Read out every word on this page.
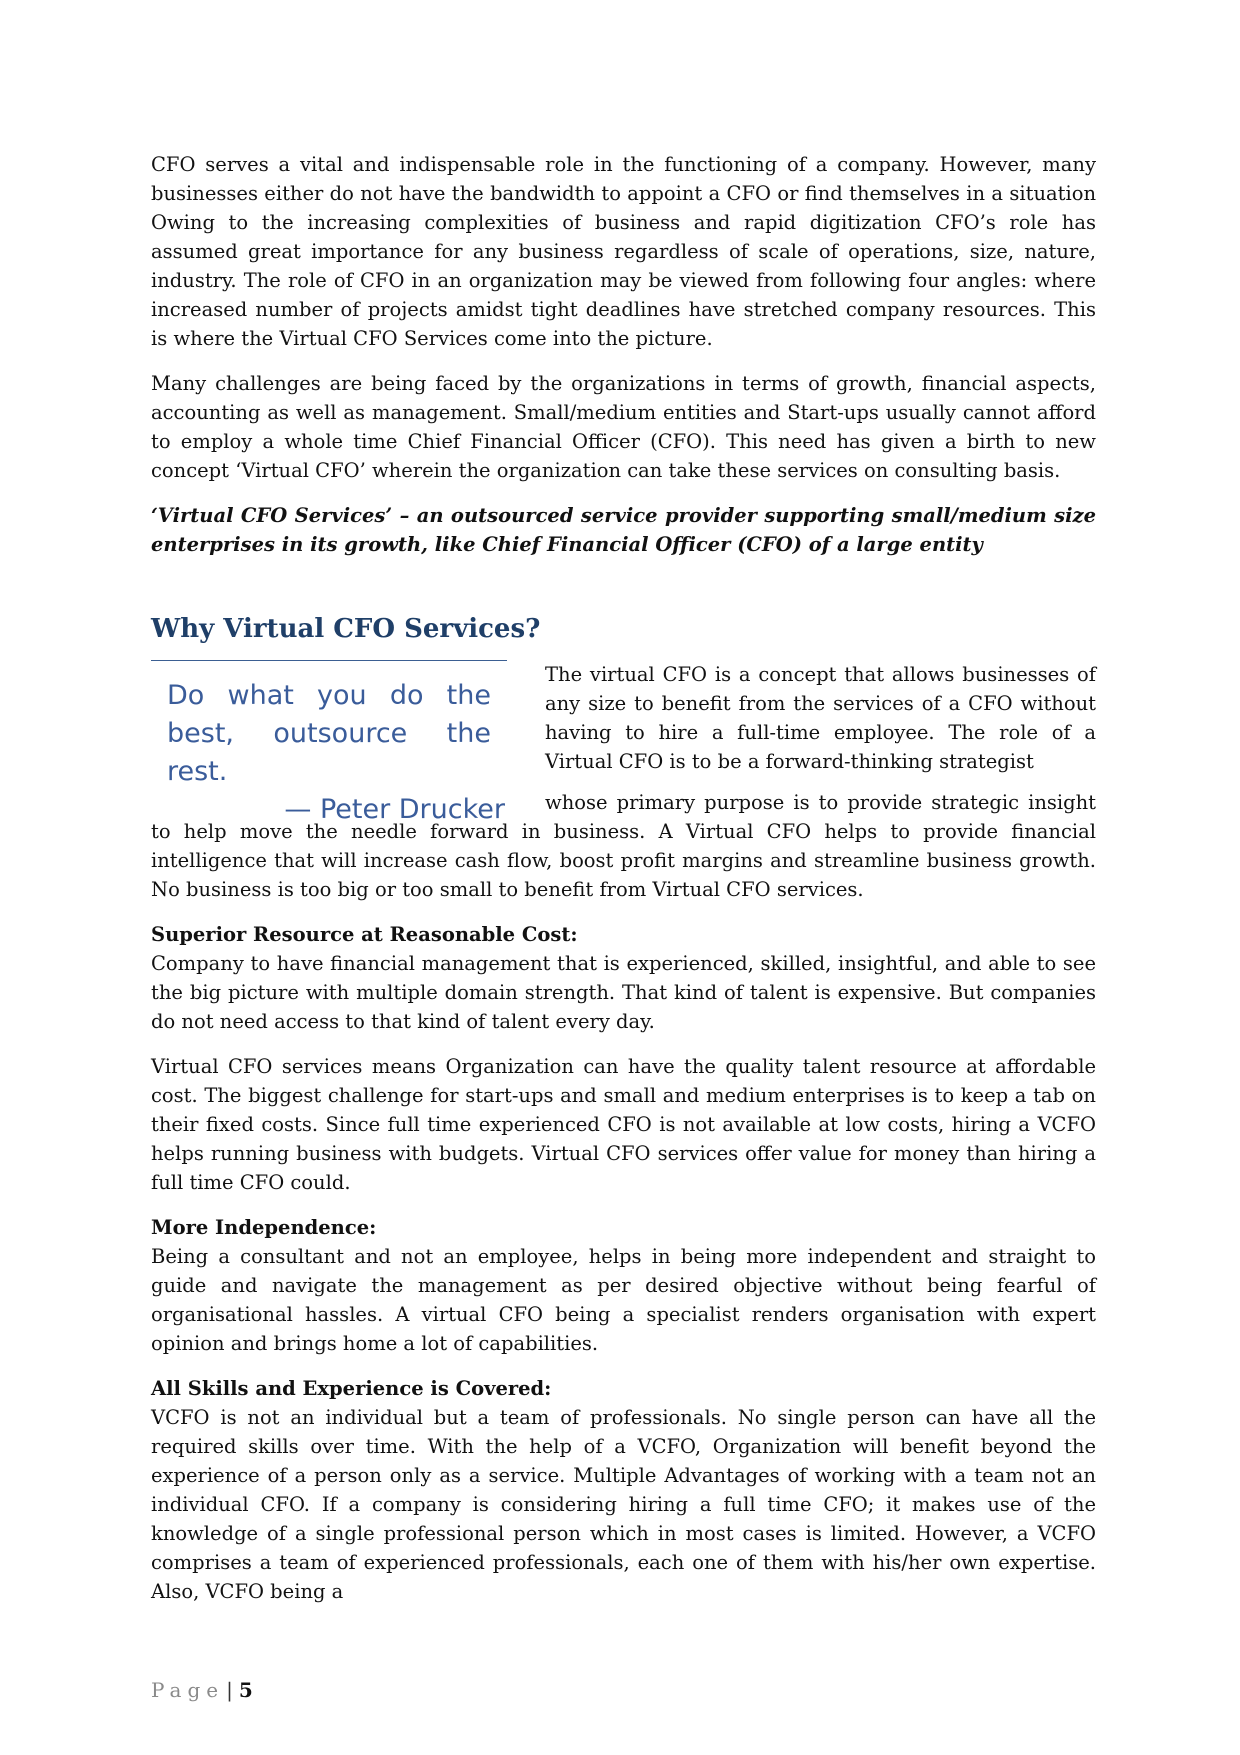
CFO serves a vital and indispensable role in the functioning of a company. However, many businesses either do not have the bandwidth to appoint a CFO or find themselves in a situation Owing to the increasing complexities of business and rapid digitization CFO’s role has assumed great importance for any business regardless of scale of operations, size, nature, industry. The role of CFO in an organization may be viewed from following four angles: where increased number of projects amidst tight deadlines have stretched company resources. This is where the Virtual CFO Services come into the picture.

Many challenges are being faced by the organizations in terms of growth, financial aspects, accounting as well as management. Small/medium entities and Start-ups usually cannot afford to employ a whole time Chief Financial Officer (CFO). This need has given a birth to new concept ‘Virtual CFO’ wherein the organization can take these services on consulting basis.

‘Virtual CFO Services’ – an outsourced service provider supporting small/medium size enterprises in its growth, like Chief Financial Officer (CFO) of a large entity

Why Virtual CFO Services?
Do what you do the best, outsource the rest.
— Peter Drucker

The virtual CFO is a concept that allows businesses of any size to benefit from the services of a CFO without having to hire a full-time employee. The role of a Virtual CFO is to be a forward-thinking strategist

whose primary purpose is to provide strategic insight to help move the needle forward in business. A Virtual CFO helps to provide financial intelligence that will increase cash flow, boost profit margins and streamline business growth. No business is too big or too small to benefit from Virtual CFO services.

Superior Resource at Reasonable Cost:
Company to have financial management that is experienced, skilled, insightful, and able to see the big picture with multiple domain strength. That kind of talent is expensive. But companies do not need access to that kind of talent every day.

Virtual CFO services means Organization can have the quality talent resource at affordable cost. The biggest challenge for start-ups and small and medium enterprises is to keep a tab on their fixed costs. Since full time experienced CFO is not available at low costs, hiring a VCFO helps running business with budgets. Virtual CFO services offer value for money than hiring a full time CFO could.

More Independence:
Being a consultant and not an employee, helps in being more independent and straight to guide and navigate the management as per desired objective without being fearful of organisational hassles. A virtual CFO being a specialist renders organisation with expert opinion and brings home a lot of capabilities.

All Skills and Experience is Covered:
VCFO is not an individual but a team of professionals. No single person can have all the required skills over time. With the help of a VCFO, Organization will benefit beyond the experience of a person only as a service. Multiple Advantages of working with a team not an individual CFO. If a company is considering hiring a full time CFO; it makes use of the knowledge of a single professional person which in most cases is limited. However, a VCFO comprises a team of experienced professionals, each one of them with his/her own expertise. Also, VCFO being a

Page | 5
